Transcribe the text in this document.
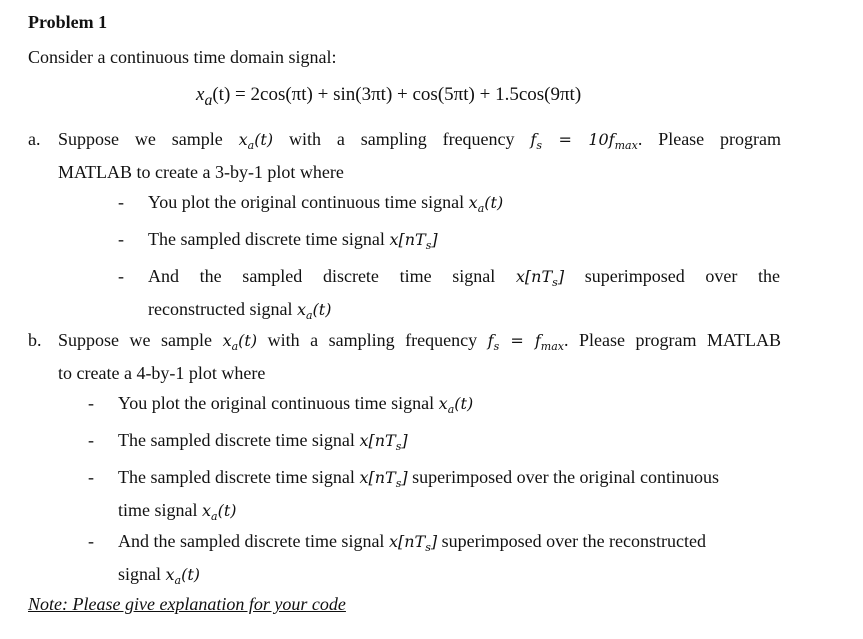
Problem 1
Consider a continuous time domain signal:
$x_a(t) = 2\cos(\pi t) + \sin(3\pi t) + \cos(5\pi t) + 1.5\cos(9\pi t)$
a. Suppose we sample $x_a(t)$ with a sampling frequency $f_s = 10f_{max}$. Please program
MATLAB to create a 3-by-1 plot where
- You plot the original continuous time signal $x_a(t)$
- The sampled discrete time signal $x[nT_s]$
- And the sampled discrete time signal $x[nT_s]$ superimposed over the
reconstructed signal $x_a(t)$
b. Suppose we sample $x_a(t)$ with a sampling frequency $f_s = f_{max}$. Please program MATLAB
to create a 4-by-1 plot where
- You plot the original continuous time signal $x_a(t)$
- The sampled discrete time signal $x[nT_s]$
- The sampled discrete time signal $x[nT_s]$ superimposed over the original continuous
time signal $x_a(t)$
- And the sampled discrete time signal $x[nT_s]$ superimposed over the reconstructed
signal $x_a(t)$
Note: Please give explanation for your code
